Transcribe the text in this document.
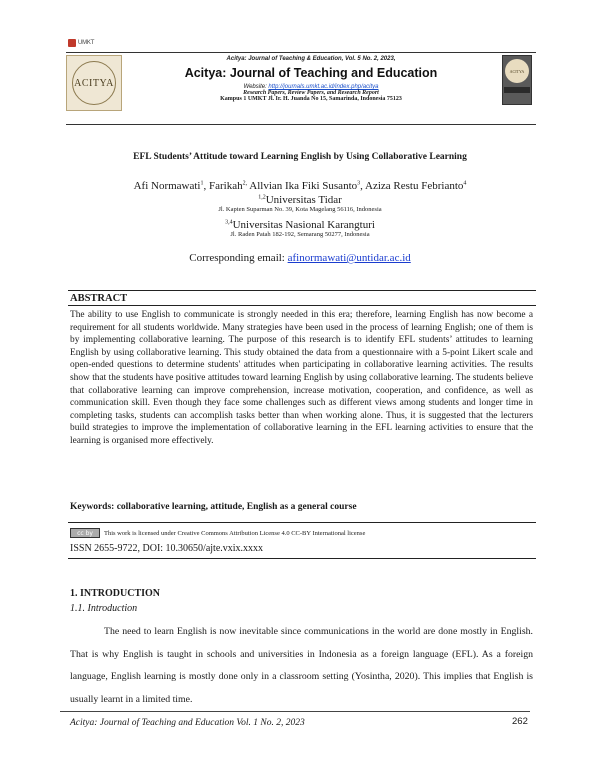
UMKT
ACITYA
Acitya: Journal of Teaching & Education, Vol. 5 No. 2, 2023,
Acitya: Journal of Teaching and Education
Website: http://journals.umkt.ac.id/index.php/acitya
Research Papers, Review Papers, and Research Report
Kampus 1 UMKT Jl. Ir. H. Juanda No 15, Samarinda, Indonesia 75123
ACITYA
EFL Students’ Attitude toward Learning English by Using Collaborative Learning
Afi Normawati$^1$, Farikah$^{2,}$ Allvian Ika Fiki Susanto$^3$, Aziza Restu Febrianto$^4$
$^{1,2}$Universitas Tidar
Jl. Kapten Suparman No. 39, Kota Magelang 56116, Indonesia
$^{3,4}$Universitas Nasional Karangturi
Jl. Raden Patah 182-192, Semarang 50277, Indonesia
Corresponding email: afinormawati@untidar.ac.id
ABSTRACT
The ability to use English to communicate is strongly needed in this era; therefore, learning English has now become a requirement for all students worldwide. Many strategies have been used in the process of learning English; one of them is by implementing collaborative learning. The purpose of this research is to identify EFL students’ attitudes to learning English by using collaborative learning. This study obtained the data from a questionnaire with a 5-point Likert scale and open-ended questions to determine students' attitudes when participating in collaborative learning activities. The results show that the students have positive attitudes toward learning English by using collaborative learning. The students believe that collaborative learning can improve comprehension, increase motivation, cooperation, and confidence, as well as communication skill. Even though they face some challenges such as different views among students and longer time in completing tasks, students can accomplish tasks better than when working alone. Thus, it is suggested that the lecturers build strategies to improve the implementation of collaborative learning in the EFL learning activities to ensure that the learning is organised more effectively.
Keywords: collaborative learning, attitude, English as a general course
cc by	This work is licensed under Creative Commons Attribution License 4.0 CC-BY International license
ISSN 2655-9722, DOI: 10.30650/ajte.vxix.xxxx
1. INTRODUCTION
1.1. Introduction
The need to learn English is now inevitable since communications in the world are done mostly in English. That is why English is taught in schools and universities in Indonesia as a foreign language (EFL). As a foreign language, English learning is mostly done only in a classroom setting (Yosintha, 2020). This implies that English is usually learnt in a limited time.
Acitya: Journal of Teaching and Education Vol. 1 No. 2, 2023	262
